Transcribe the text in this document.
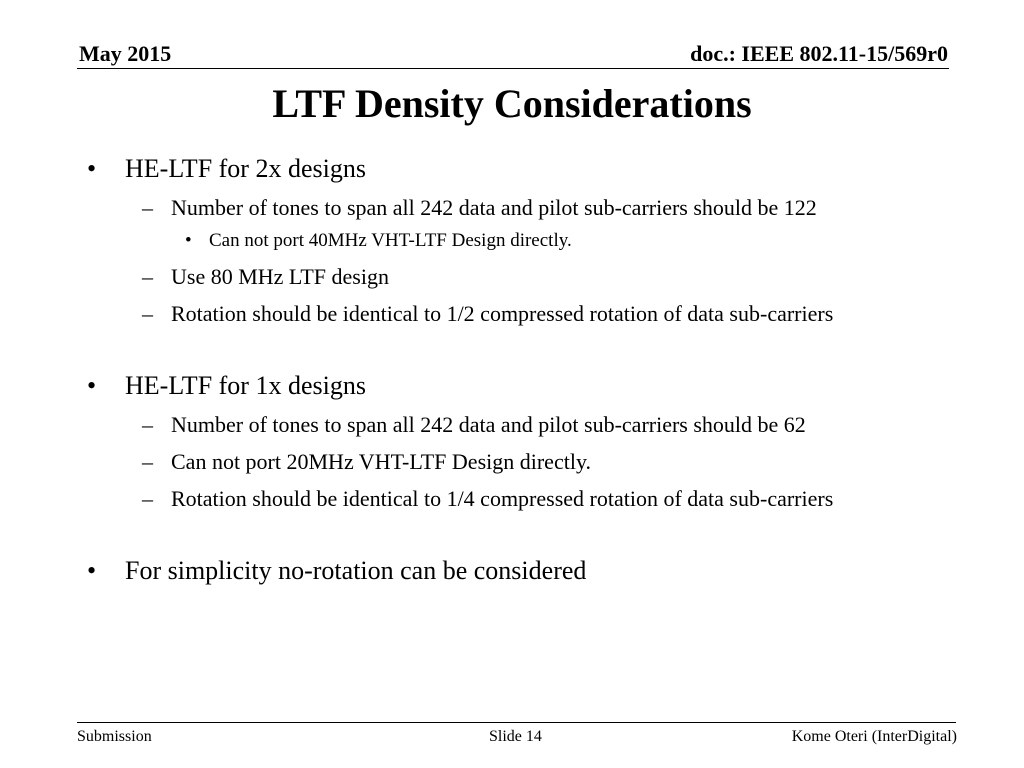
May 2015	doc.: IEEE 802.11-15/569r0
LTF Density Considerations
• HE-LTF for 2x designs
– Number of tones to span all 242 data and pilot sub-carriers should be 122
• Can not port 40MHz VHT-LTF Design directly.
– Use 80 MHz LTF design
– Rotation should be identical to 1/2 compressed rotation of data sub-carriers
• HE-LTF for 1x designs
– Number of tones to span all 242 data and pilot sub-carriers should be 62
– Can not port 20MHz VHT-LTF Design directly.
– Rotation should be identical to 1/4 compressed rotation of data sub-carriers
• For simplicity no-rotation can be considered
Submission	Slide 14	Kome Oteri (InterDigital)
